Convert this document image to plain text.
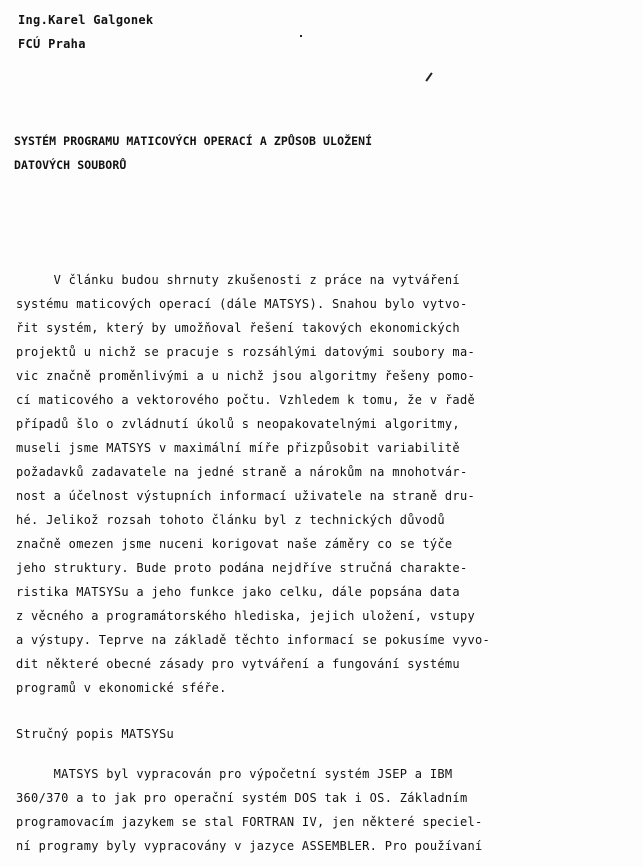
Ing.Karel Galgonek
FCÚ Praha
SYSTÉM PROGRAMU MATICOVÝCH OPERACÍ A ZPŮSOB ULOŽENÍ
DATOVÝCH SOUBORŮ
V článku budou shrnuty zkušenosti z práce na vytváření
systému maticových operací (dále MATSYS). Snahou bylo vytvo-
řit systém, který by umožňoval řešení takových ekonomických
projektů u nichž se pracuje s rozsáhlými datovými soubory ma-
vic značně proměnlivými a u nichž jsou algoritmy řešeny pomo-
cí maticového a vektorového počtu. Vzhledem k tomu, že v řadě
případů šlo o zvládnutí úkolů s neopakovatelnými algoritmy,
museli jsme MATSYS v maximální míře přizpůsobit variabilitě
požadavků zadavatele na jedné straně a nárokům na mnohotvár-
nost a účelnost výstupních informací uživatele na straně dru-
hé. Jelikož rozsah tohoto článku byl z technických důvodů
značně omezen jsme nuceni korigovat naše záměry co se týče
jeho struktury. Bude proto podána nejdříve stručná charakte-
ristika MATSYSu a jeho funkce jako celku, dále popsána data
z věcného a programátorského hlediska, jejich uložení, vstupy
a výstupy. Teprve na základě těchto informací se pokusíme vyvo-
dit některé obecné zásady pro vytváření a fungování systému
programů v ekonomické sféře.
Stručný popis MATSYSu
MATSYS byl vypracován pro výpočetní systém JSEP a IBM
360/370 a to jak pro operační systém DOS tak i OS. Základním
programovacím jazykem se stal FORTRAN IV, jen některé speciel-
ní programy byly vypracovány v jazyce ASSEMBLER. Pro používaní
